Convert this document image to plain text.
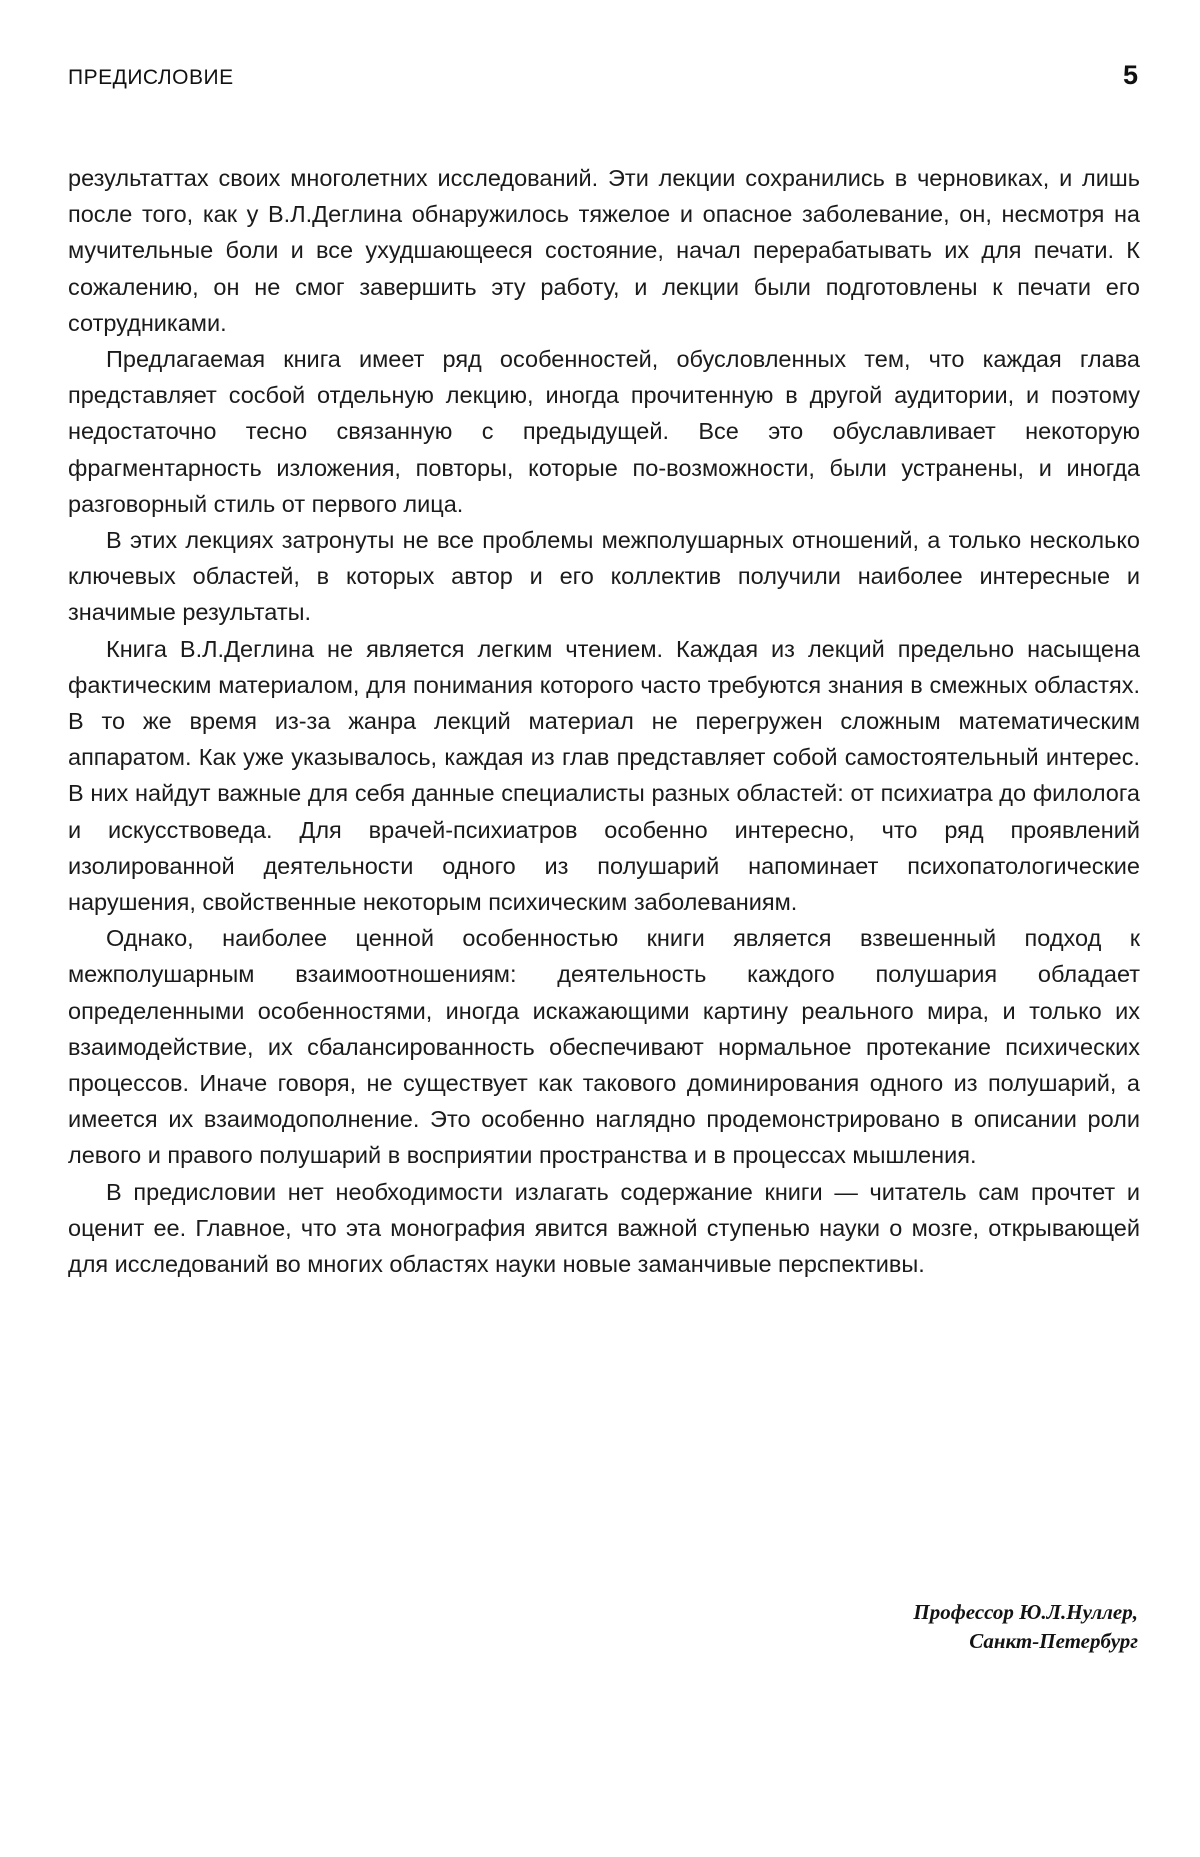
ПРЕДИСЛОВИЕ	5

результаттах своих многолетних исследований. Эти лекции сохранились в черновиках, и лишь после того, как у В.Л.Деглина обнаружилось тяжелое и опасное заболевание, он, несмотря на мучительные боли и все ухудшающееся состояние, начал перерабатывать их для печати. К сожалению, он не смог завершить эту работу, и лекции были подготовлены к печати его сотрудниками.

Предлагаемая книга имеет ряд особенностей, обусловленных тем, что каждая глава представляет сосбой отдельную лекцию, иногда прочитенную в другой аудитории, и поэтому недостаточно тесно связанную с предыдущей. Все это обуславливает некоторую фрагментарность изложения, повторы, которые по-возможности, были устранены, и иногда разговорный стиль от первого лица.

В этих лекциях затронуты не все проблемы межполушарных отношений, а только несколько ключевых областей, в которых автор и его коллектив получили наиболее интересные и значимые результаты.

Книга В.Л.Деглина не является легким чтением. Каждая из лекций предельно насыщена фактическим материалом, для понимания которого часто требуются знания в смежных областях. В то же время из-за жанра лекций материал не перегружен сложным математическим аппаратом. Как уже указывалось, каждая из глав представляет собой самостоятельный интерес. В них найдут важные для себя данные специалисты разных областей: от психиатра до филолога и искусствоведа. Для врачей-психиатров особенно интересно, что ряд проявлений изолированной деятельности одного из полушарий напоминает психопатологические нарушения, свойственные некоторым психическим заболеваниям.

Однако, наиболее ценной особенностью книги является взвешенный подход к межполушарным взаимоотношениям: деятельность каждого полушария обладает определенными особенностями, иногда искажающими картину реального мира, и только их взаимодействие, их сбалансированность обеспечивают нормальное протекание психических процессов. Иначе говоря, не существует как такового доминирования одного из полушарий, а имеется их взаимодополнение. Это особенно наглядно продемонстрировано в описании роли левого и правого полушарий в восприятии пространства и в процессах мышления.

В предисловии нет необходимости излагать содержание книги — читатель сам прочтет и оценит ее. Главное, что эта монография явится важной ступенью науки о мозге, открывающей для исследований во многих областях науки новые заманчивые перспективы.

Профессор Ю.Л.Нуллер,
Санкт-Петербург
